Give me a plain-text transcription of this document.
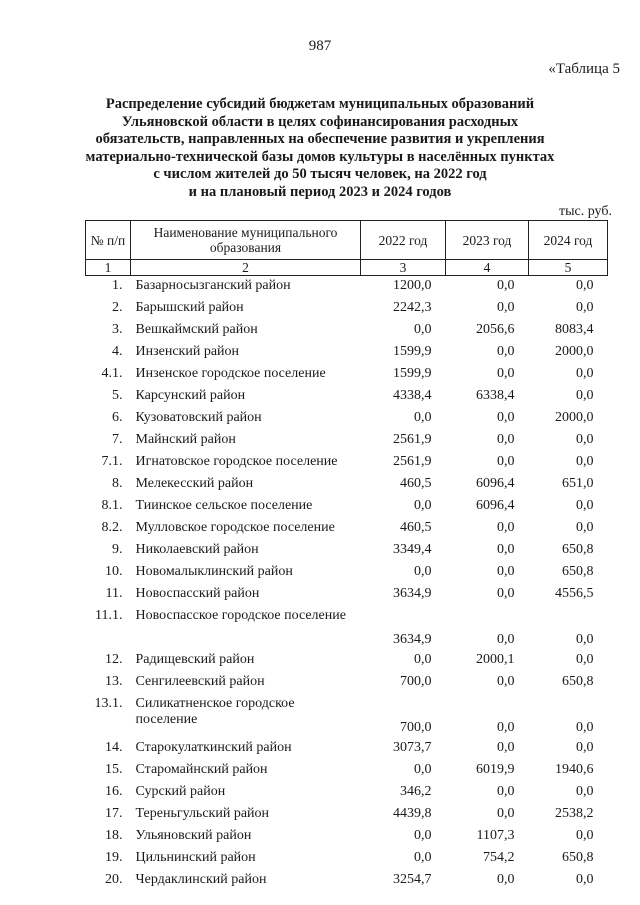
987
«Таблица 5
Распределение субсидий бюджетам муниципальных образований
Ульяновской области в целях софинансирования расходных
обязательств, направленных на обеспечение развития и укрепления
материально-технической базы домов культуры в населённых пунктах
с числом жителей до 50 тысяч человек, на 2022 год
и на плановый период 2023 и 2024 годов
тыс. руб.
№ п/п	Наименование муниципального образования	2022 год	2023 год	2024 год
1	2	3	4	5
1.	Базарносызганский район	1200,0	0,0	0,0
2.	Барышский район	2242,3	0,0	0,0
3.	Вешкаймский район	0,0	2056,6	8083,4
4.	Инзенский район	1599,9	0,0	2000,0
4.1.	Инзенское городское поселение	1599,9	0,0	0,0
5.	Карсунский район	4338,4	6338,4	0,0
6.	Кузоватовский район	0,0	0,0	2000,0
7.	Майнский район	2561,9	0,0	0,0
7.1.	Игнатовское городское поселение	2561,9	0,0	0,0
8.	Мелекесский район	460,5	6096,4	651,0
8.1.	Тиинское сельское поселение	0,0	6096,4	0,0
8.2.	Мулловское городское поселение	460,5	0,0	0,0
9.	Николаевский район	3349,4	0,0	650,8
10.	Новомалыклинский район	0,0	0,0	650,8
11.	Новоспасский район	3634,9	0,0	4556,5
11.1.	Новоспасское городское поселение	3634,9	0,0	0,0
12.	Радищевский район	0,0	2000,1	0,0
13.	Сенгилеевский район	700,0	0,0	650,8
13.1.	Силикатненское городское поселение	700,0	0,0	0,0
14.	Старокулаткинский район	3073,7	0,0	0,0
15.	Старомайнский район	0,0	6019,9	1940,6
16.	Сурский район	346,2	0,0	0,0
17.	Тереньгульский район	4439,8	0,0	2538,2
18.	Ульяновский район	0,0	1107,3	0,0
19.	Цильнинский район	0,0	754,2	650,8
20.	Чердаклинский район	3254,7	0,0	0,0
